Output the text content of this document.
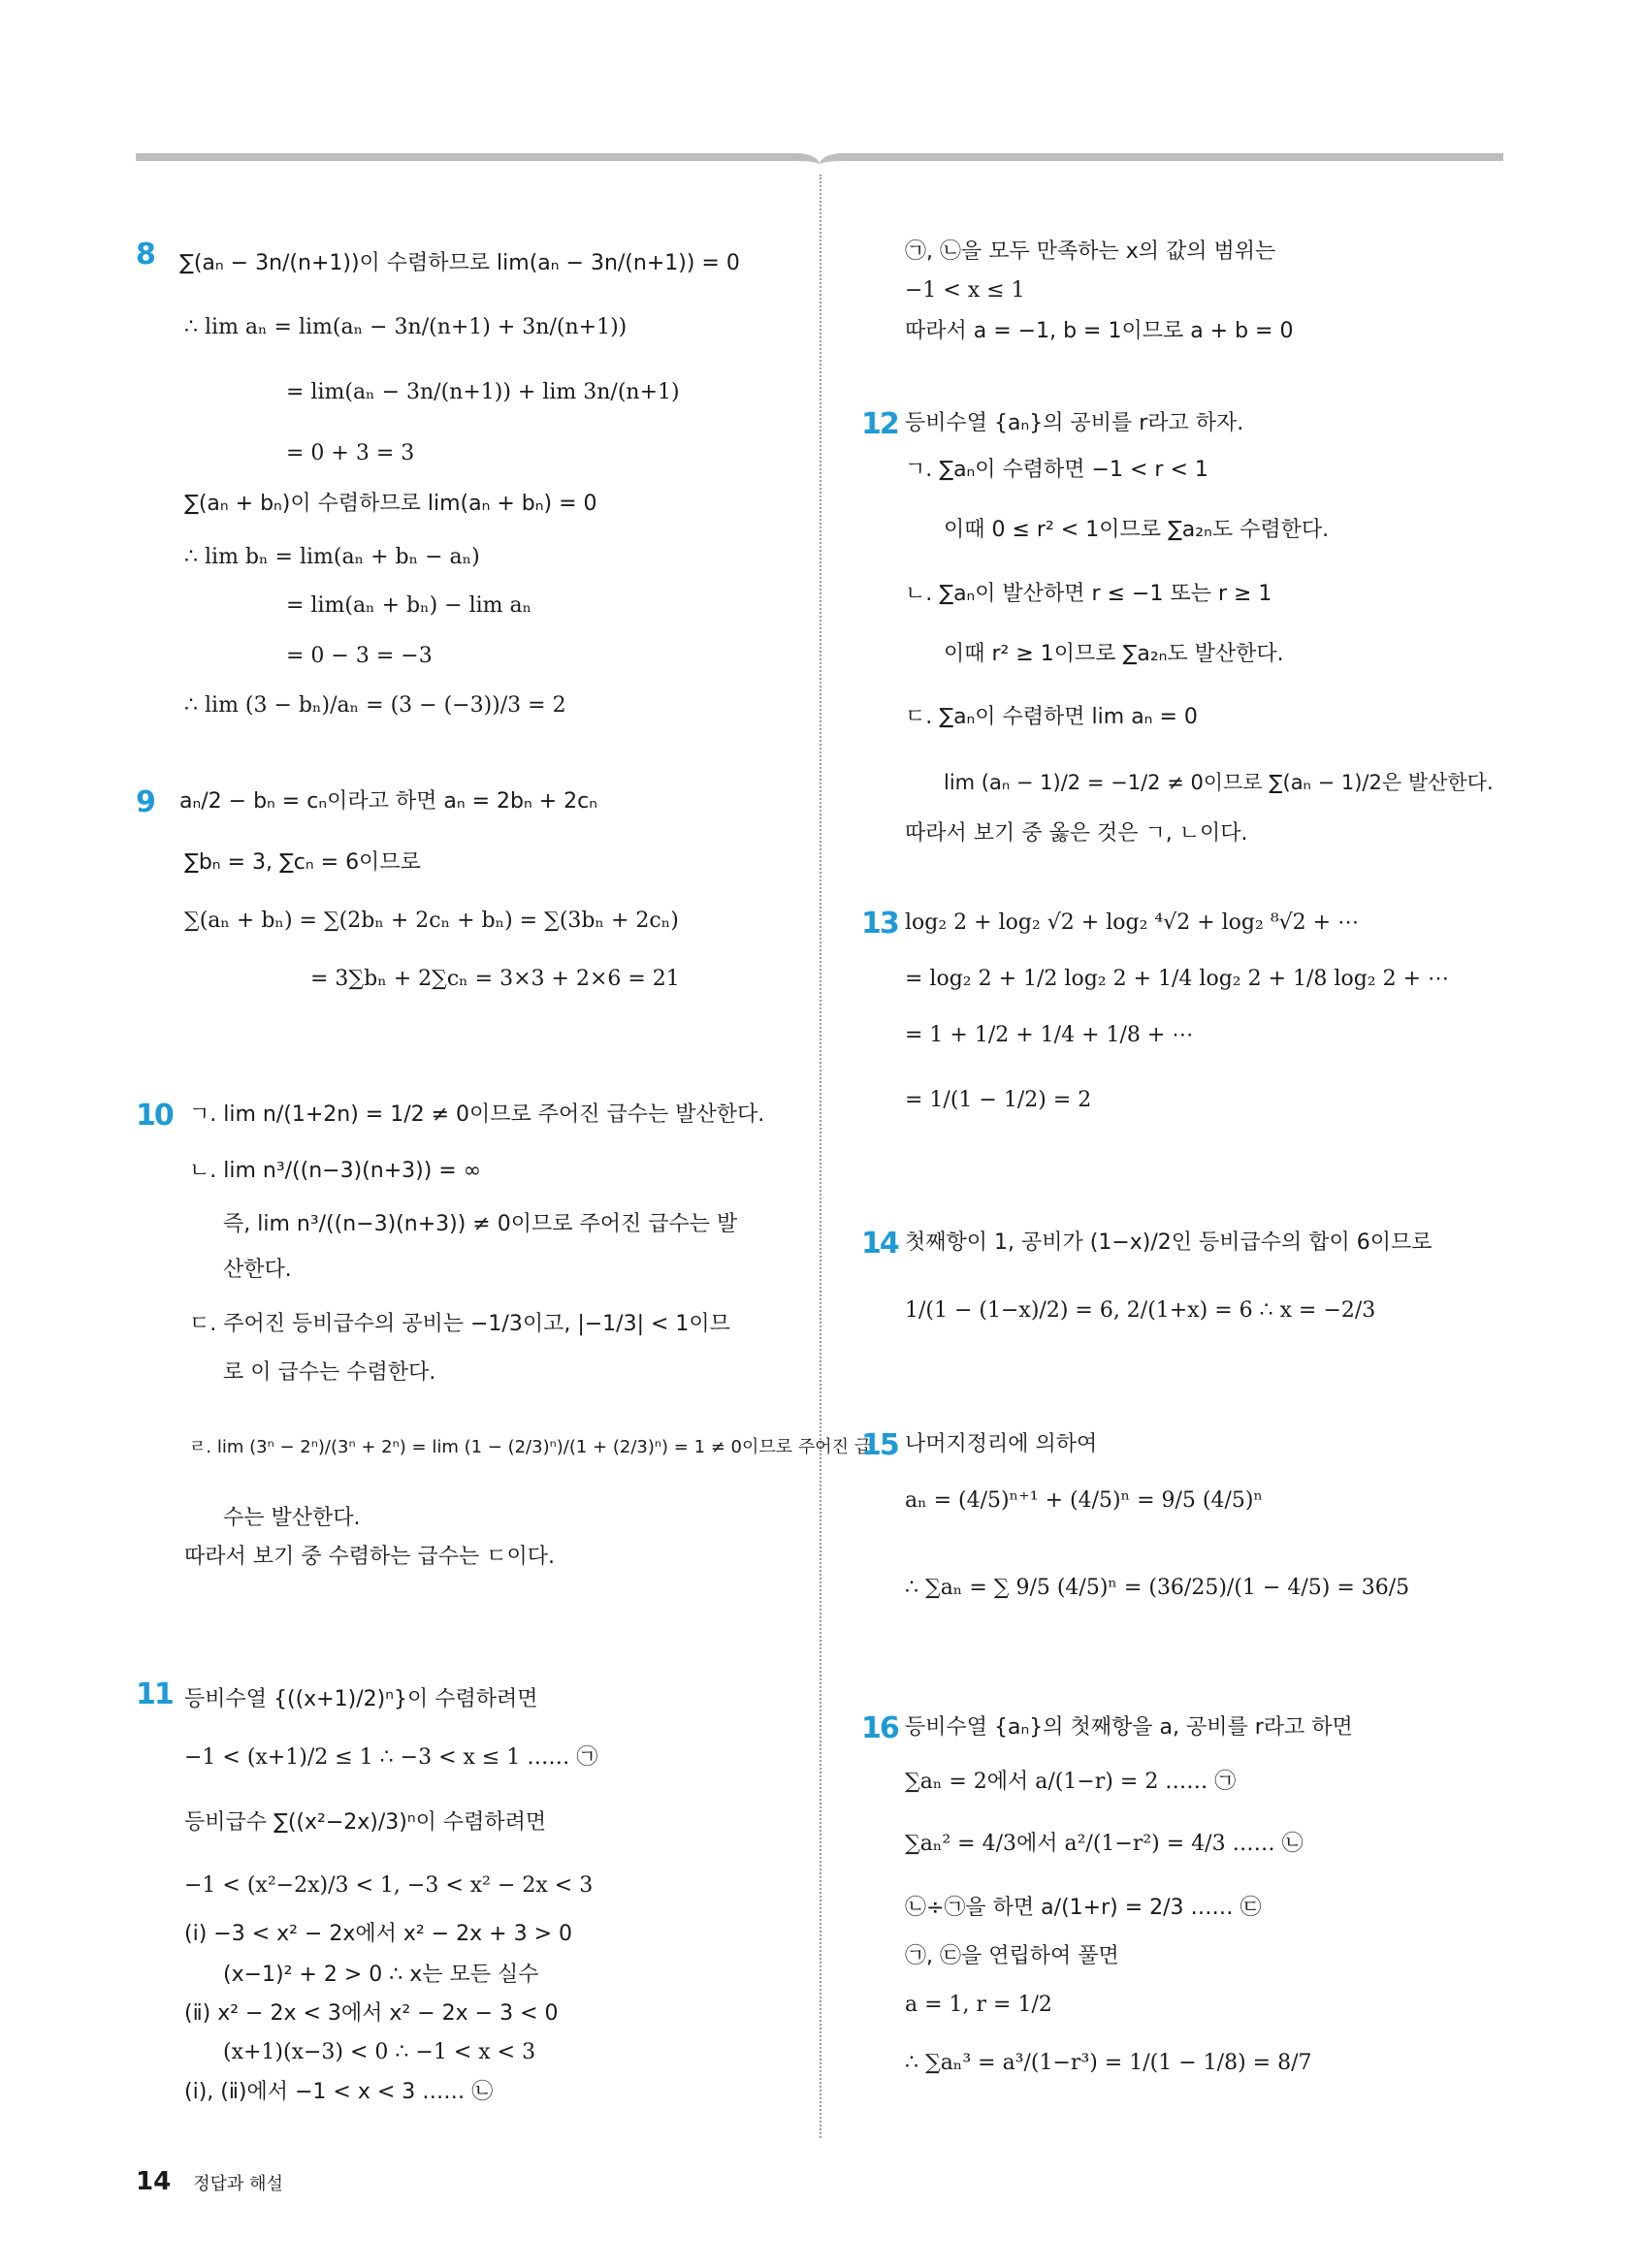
8 ∑(aₙ − 3n/(n+1))이 수렴하므로 lim(aₙ − 3n/(n+1)) = 0
∴ lim aₙ = lim(aₙ − 3n/(n+1) + 3n/(n+1))
= lim(aₙ − 3n/(n+1)) + lim 3n/(n+1)
= 0 + 3 = 3
∑(aₙ + bₙ)이 수렴하므로 lim(aₙ + bₙ) = 0
∴ lim bₙ = lim(aₙ + bₙ − aₙ)
= lim(aₙ + bₙ) − lim aₙ
= 0 − 3 = −3
∴ lim (3 − bₙ)/aₙ = (3 − (−3))/3 = 2
9 aₙ/2 − bₙ = cₙ이라고 하면 aₙ = 2bₙ + 2cₙ
∑bₙ = 3, ∑cₙ = 6이므로
∑(aₙ + bₙ) = ∑(2bₙ + 2cₙ + bₙ) = ∑(3bₙ + 2cₙ)
= 3∑bₙ + 2∑cₙ = 3×3 + 2×6 = 21
10 ㄱ. lim n/(1+2n) = 1/2 ≠ 0이므로 주어진 급수는 발산한다.
ㄴ. lim n³/((n−3)(n+3)) = ∞
즉, lim n³/((n−3)(n+3)) ≠ 0이므로 주어진 급수는 발
산한다.
ㄷ. 주어진 등비급수의 공비는 −1/3이고, |−1/3| < 1이므
로 이 급수는 수렴한다.
ㄹ. lim (3ⁿ − 2ⁿ)/(3ⁿ + 2ⁿ) = lim (1 − (2/3)ⁿ)/(1 + (2/3)ⁿ) = 1 ≠ 0이므로 주어진 급
수는 발산한다.
따라서 보기 중 수렴하는 급수는 ㄷ이다.
11 등비수열 {((x+1)/2)ⁿ}이 수렴하려면
−1 < (x+1)/2 ≤ 1 ∴ −3 < x ≤ 1 …… ㉠
등비급수 ∑((x²−2x)/3)ⁿ이 수렴하려면
−1 < (x²−2x)/3 < 1, −3 < x² − 2x < 3
(ⅰ) −3 < x² − 2x에서 x² − 2x + 3 > 0
(x−1)² + 2 > 0 ∴ x는 모든 실수
(ⅱ) x² − 2x < 3에서 x² − 2x − 3 < 0
(x+1)(x−3) < 0 ∴ −1 < x < 3
(ⅰ), (ⅱ)에서 −1 < x < 3 …… ㉡
㉠, ㉡을 모두 만족하는 x의 값의 범위는
−1 < x ≤ 1
따라서 a = −1, b = 1이므로 a + b = 0
12 등비수열 {aₙ}의 공비를 r라고 하자.
ㄱ. ∑aₙ이 수렴하면 −1 < r < 1
이때 0 ≤ r² < 1이므로 ∑a₂ₙ도 수렴한다.
ㄴ. ∑aₙ이 발산하면 r ≤ −1 또는 r ≥ 1
이때 r² ≥ 1이므로 ∑a₂ₙ도 발산한다.
ㄷ. ∑aₙ이 수렴하면 lim aₙ = 0
lim (aₙ − 1)/2 = −1/2 ≠ 0이므로 ∑(aₙ − 1)/2은 발산한다.
따라서 보기 중 옳은 것은 ㄱ, ㄴ이다.
13 log₂ 2 + log₂ √2 + log₂ ⁴√2 + log₂ ⁸√2 + ⋯
= log₂ 2 + 1/2 log₂ 2 + 1/4 log₂ 2 + 1/8 log₂ 2 + ⋯
= 1 + 1/2 + 1/4 + 1/8 + ⋯
= 1/(1 − 1/2) = 2
14 첫째항이 1, 공비가 (1−x)/2인 등비급수의 합이 6이므로
1/(1 − (1−x)/2) = 6, 2/(1+x) = 6 ∴ x = −2/3
15 나머지정리에 의하여
aₙ = (4/5)ⁿ⁺¹ + (4/5)ⁿ = 9/5 (4/5)ⁿ
∴ ∑aₙ = ∑ 9/5 (4/5)ⁿ = (36/25)/(1 − 4/5) = 36/5
16 등비수열 {aₙ}의 첫째항을 a, 공비를 r라고 하면
∑aₙ = 2에서 a/(1−r) = 2 …… ㉠
∑aₙ² = 4/3에서 a²/(1−r²) = 4/3 …… ㉡
㉡÷㉠을 하면 a/(1+r) = 2/3 …… ㉢
㉠, ㉢을 연립하여 풀면
a = 1, r = 1/2
∴ ∑aₙ³ = a³/(1−r³) = 1/(1 − 1/8) = 8/7
14 정답과 해설
